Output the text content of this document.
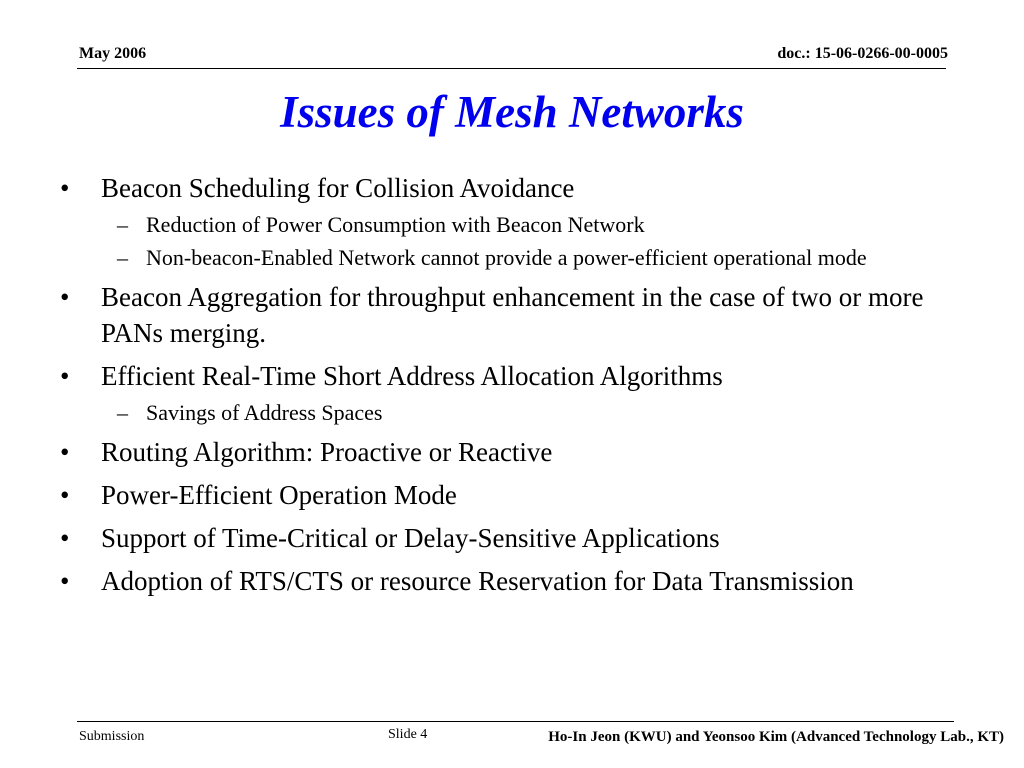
May 2006	doc.: 15-06-0266-00-0005
Issues of Mesh Networks
• Beacon Scheduling for Collision Avoidance
– Reduction of Power Consumption with Beacon Network
– Non-beacon-Enabled Network cannot provide a power-efficient operational mode
• Beacon Aggregation for throughput enhancement in the case of two or more PANs merging.
• Efficient Real-Time Short Address Allocation Algorithms
– Savings of Address Spaces
• Routing Algorithm: Proactive or Reactive
• Power-Efficient Operation Mode
• Support of Time-Critical or Delay-Sensitive Applications
• Adoption of RTS/CTS or resource Reservation for Data Transmission
Submission	Slide 4	Ho-In Jeon (KWU) and Yeonsoo Kim (Advanced Technology Lab., KT)
